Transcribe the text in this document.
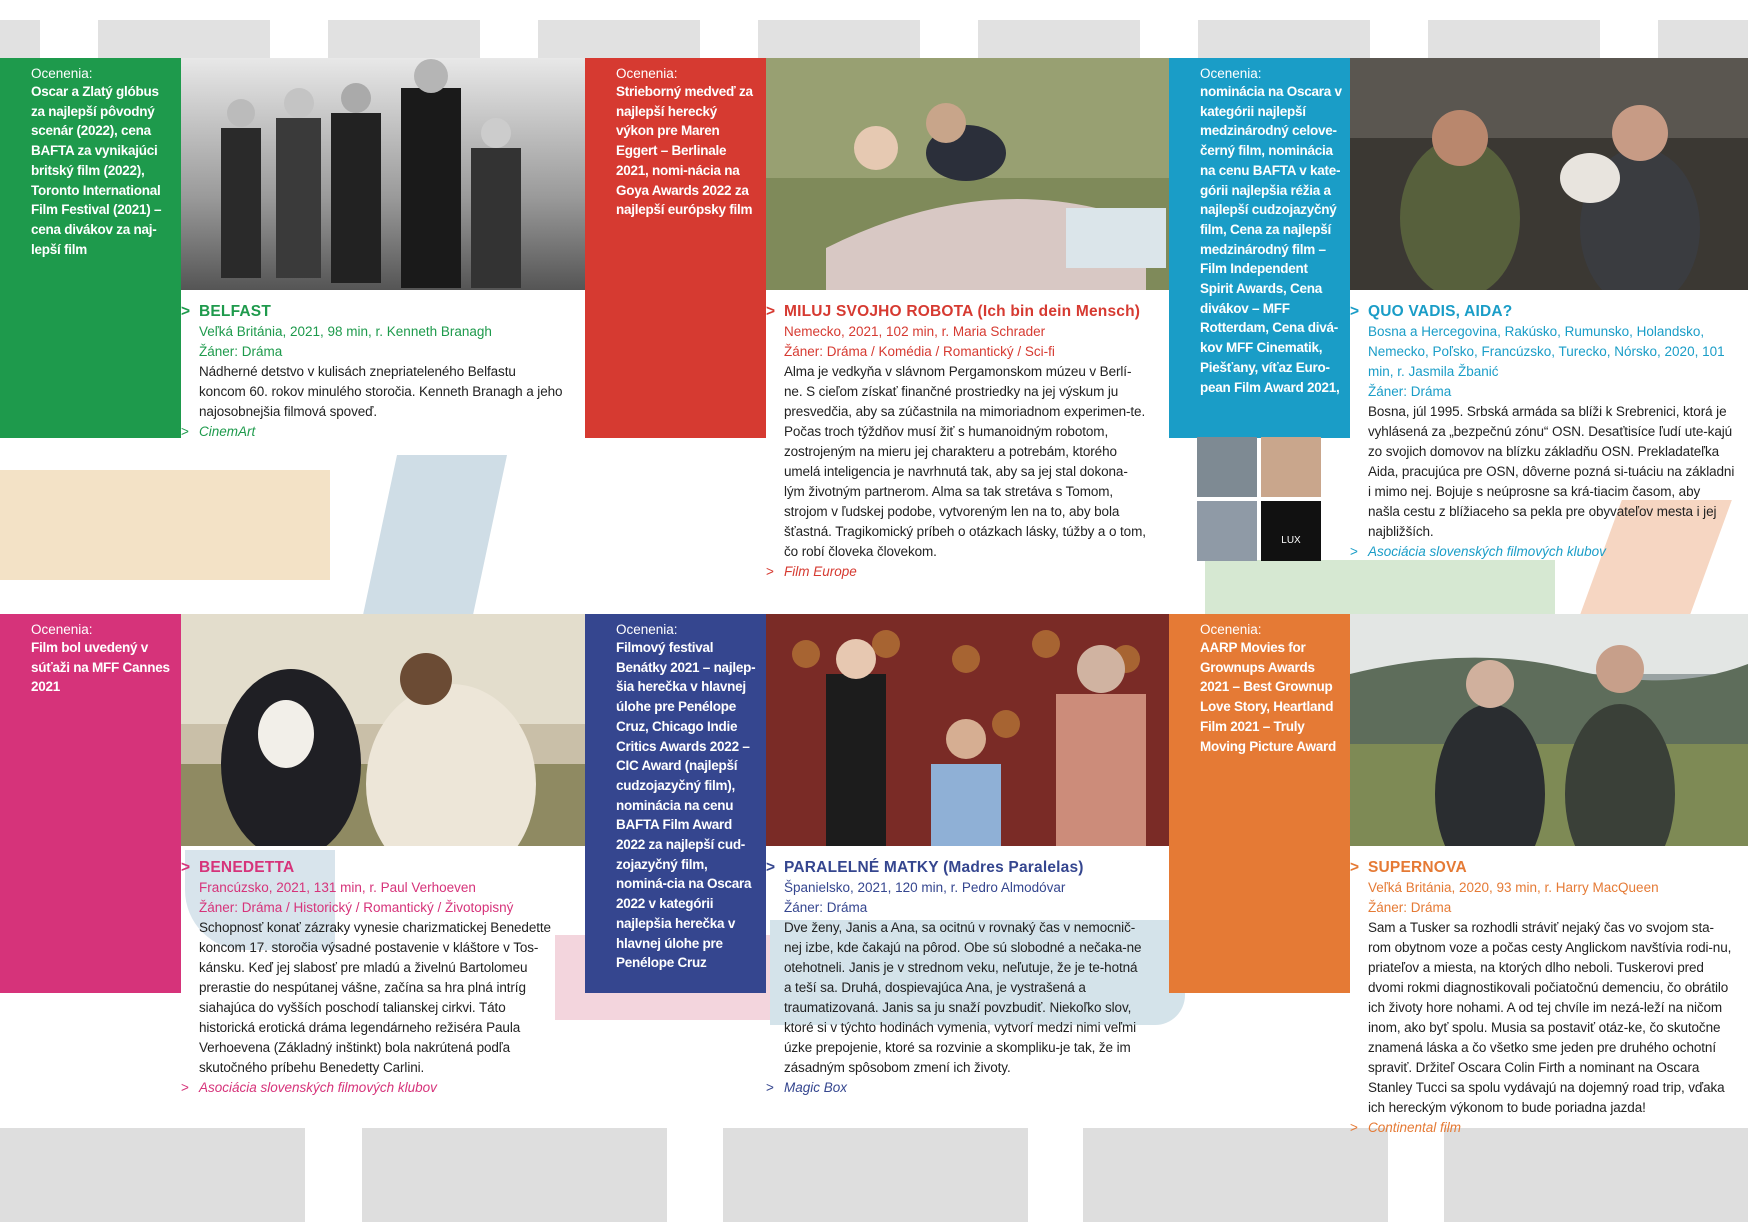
Ocenenia:
Oscar a Zlatý glóbus za najlepší pôvodný scenár (2022), cena BAFTA za vynikajúci britský film (2022), Toronto International Film Festival (2021) – cena divákov za naj-lepší film
> BELFAST
Veľká Británia, 2021, 98 min, r. Kenneth Branagh
Žáner: Dráma
Nádherné detstvo v kulisách znepriateleného Belfastu koncom 60. rokov minulého storočia. Kenneth Branagh a jeho najosobnejšia filmová spoveď.
> CinemArt
Ocenenia:
Strieborný medveď za najlepší herecký výkon pre Maren Eggert – Berlinale 2021, nomi-nácia na Goya Awards 2022 za najlepší európsky film
> MILUJ SVOJHO ROBOTA (Ich bin dein Mensch)
Nemecko, 2021, 102 min, r. Maria Schrader
Žáner: Dráma / Komédia / Romantický / Sci-fi
Alma je vedkyňa v slávnom Pergamonskom múzeu v Berlí-ne. S cieľom získať finančné prostriedky na jej výskum ju presvedčia, aby sa zúčastnila na mimoriadnom experimen-te. Počas troch týždňov musí žiť s humanoidným robotom, zostrojeným na mieru jej charakteru a potrebám, ktorého umelá inteligencia je navrhnutá tak, aby sa jej stal dokona-lým životným partnerom. Alma sa tak stretáva s Tomom, strojom v ľudskej podobe, vytvoreným len na to, aby bola šťastná. Tragikomický príbeh o otázkach lásky, túžby a o tom, čo robí človeka človekom.
> Film Europe
Ocenenia:
nominácia na Oscara v kategórii najlepší medzinárodný celove-černý film, nominácia na cenu BAFTA v kate-górii najlepšia réžia a najlepší cudzojazyčný film, Cena za najlepší medzinárodný film – Film Independent Spirit Awards, Cena divákov – MFF Rotterdam, Cena divá-kov MFF Cinematik, Piešťany, víťaz Euro-pean Film Award 2021,
LUX
> QUO VADIS, AIDA?
Bosna a Hercegovina, Rakúsko, Rumunsko, Holandsko, Nemecko, Poľsko, Francúzsko, Turecko, Nórsko, 2020, 101 min, r. Jasmila Žbanić
Žáner: Dráma
Bosna, júl 1995. Srbská armáda sa blíži k Srebrenici, ktorá je vyhlásená za „bezpečnú zónu“ OSN. Desaťtisíce ľudí ute-kajú zo svojich domovov na blízku základňu OSN. Prekladateľka Aida, pracujúca pre OSN, dôverne pozná si-tuáciu na základni i mimo nej. Bojuje s neúprosne sa krá-tiacim časom, aby našla cestu z blížiaceho sa pekla pre obyvateľov mesta i jej najbližších.
> Asociácia slovenských filmových klubov
Ocenenia:
Film bol uvedený v súťaži na MFF Cannes 2021
> BENEDETTA
Francúzsko, 2021, 131 min, r. Paul Verhoeven
Žáner: Dráma / Historický / Romantický / Životopisný
Schopnosť konať zázraky vynesie charizmatickej Benedette koncom 17. storočia výsadné postavenie v kláštore v Tos-kánsku. Keď jej slabosť pre mladú a živelnú Bartolomeu prerastie do nespútanej vášne, začína sa hra plná intríg siahajúca do vyšších poschodí talianskej cirkvi. Táto historická erotická dráma legendárneho režiséra Paula Verhoevena (Základný inštinkt) bola nakrútená podľa skutočného príbehu Benedetty Carlini.
> Asociácia slovenských filmových klubov
Ocenenia:
Filmový festival Benátky 2021 – najlep-šia herečka v hlavnej úlohe pre Penélope Cruz, Chicago Indie Critics Awards 2022 – CIC Award (najlepší cudzojazyčný film), nominácia na cenu BAFTA Film Award 2022 za najlepší cud-zojazyčný film, nominá-cia na Oscara 2022 v kategórii najlepšia herečka v hlavnej úlohe pre Penélope Cruz
> PARALELNÉ MATKY (Madres Paralelas)
Španielsko, 2021, 120 min, r. Pedro Almodóvar
Žáner: Dráma
Dve ženy, Janis a Ana, sa ocitnú v rovnaký čas v nemocnič-nej izbe, kde čakajú na pôrod. Obe sú slobodné a nečaka-ne otehotneli. Janis je v strednom veku, neľutuje, že je te-hotná a teší sa. Druhá, dospievajúca Ana, je vystrašená a traumatizovaná. Janis sa ju snaží povzbudiť. Niekoľko slov, ktoré si v týchto hodinách vymenia, vytvorí medzi nimi veľmi úzke prepojenie, ktoré sa rozvinie a skompliku-je tak, že im zásadným spôsobom zmení ich životy.
> Magic Box
Ocenenia:
AARP Movies for Grownups Awards 2021 – Best Grownup Love Story, Heartland Film 2021 – Truly Moving Picture Award
> SUPERNOVA
Veľká Británia, 2020, 93 min, r. Harry MacQueen
Žáner: Dráma
Sam a Tusker sa rozhodli stráviť nejaký čas vo svojom sta-rom obytnom voze a počas cesty Anglickom navštívia rodi-nu, priateľov a miesta, na ktorých dlho neboli. Tuskerovi pred dvomi rokmi diagnostikovali počiatočnú demenciu, čo obrátilo ich životy hore nohami. A od tej chvíle im nezá-leží na ničom inom, ako byť spolu. Musia sa postaviť otáz-ke, čo skutočne znamená láska a čo všetko sme jeden pre druhého ochotní spraviť. Držiteľ Oscara Colin Firth a nominant na Oscara Stanley Tucci sa spolu vydávajú na dojemný road trip, vďaka ich hereckým výkonom to bude poriadna jazda!
> Continental film
